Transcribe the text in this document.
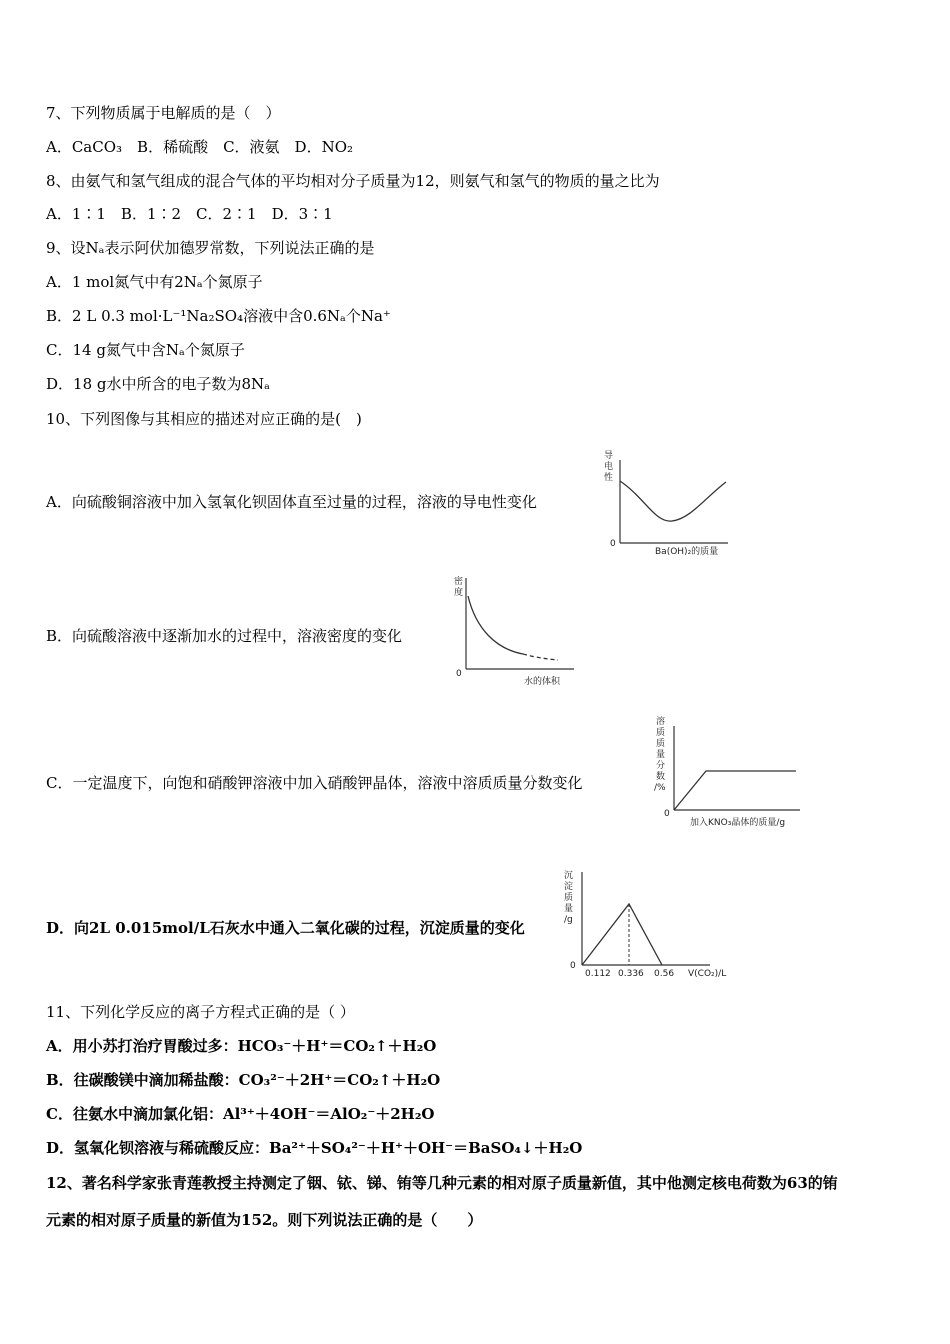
7、下列物质属于电解质的是（　）
A．CaCO₃　B．稀硫酸　C．液氨　D．NO₂
8、由氨气和氢气组成的混合气体的平均相对分子质量为12，则氨气和氢气的物质的量之比为
A．1∶1　B．1∶2　C．2∶1　D．3∶1
9、设Nₐ表示阿伏加德罗常数，下列说法正确的是
A．1 mol氮气中有2Nₐ个氮原子
B．2 L 0.3 mol·L⁻¹Na₂SO₄溶液中含0.6Nₐ个Na⁺
C．14 g氮气中含Nₐ个氮原子
D．18 g水中所含的电子数为8Nₐ
10、下列图像与其相应的描述对应正确的是(　)
A．向硫酸铜溶液中加入氢氧化钡固体直至过量的过程，溶液的导电性变化
B．向硫酸溶液中逐渐加水的过程中，溶液密度的变化
C．一定温度下，向饱和硝酸钾溶液中加入硝酸钾晶体，溶液中溶质质量分数变化
D．向2L 0.015mol/L石灰水中通入二氧化碳的过程，沉淀质量的变化
导
电
性
0
Ba(OH)₂的质量
密
度
0
水的体积
溶
质
质
量
分
数
/%
0
加入KNO₃晶体的质量/g
沉
淀
质
量
/g
0
0.112 0.336 0.56 V(CO₂)/L
11、下列化学反应的离子方程式正确的是（ ）
A．用小苏打治疗胃酸过多：HCO₃⁻＋H⁺＝CO₂↑＋H₂O
B．往碳酸镁中滴加稀盐酸：CO₃²⁻＋2H⁺＝CO₂↑＋H₂O
C．往氨水中滴加氯化铝：Al³⁺＋4OH⁻＝AlO₂⁻＋2H₂O
D．氢氧化钡溶液与稀硫酸反应：Ba²⁺＋SO₄²⁻＋H⁺＋OH⁻＝BaSO₄↓＋H₂O
12、著名科学家张青莲教授主持测定了铟、铱、锑、铕等几种元素的相对原子质量新值，其中他测定核电荷数为63的铕
元素的相对原子质量的新值为152。则下列说法正确的是（　　）
